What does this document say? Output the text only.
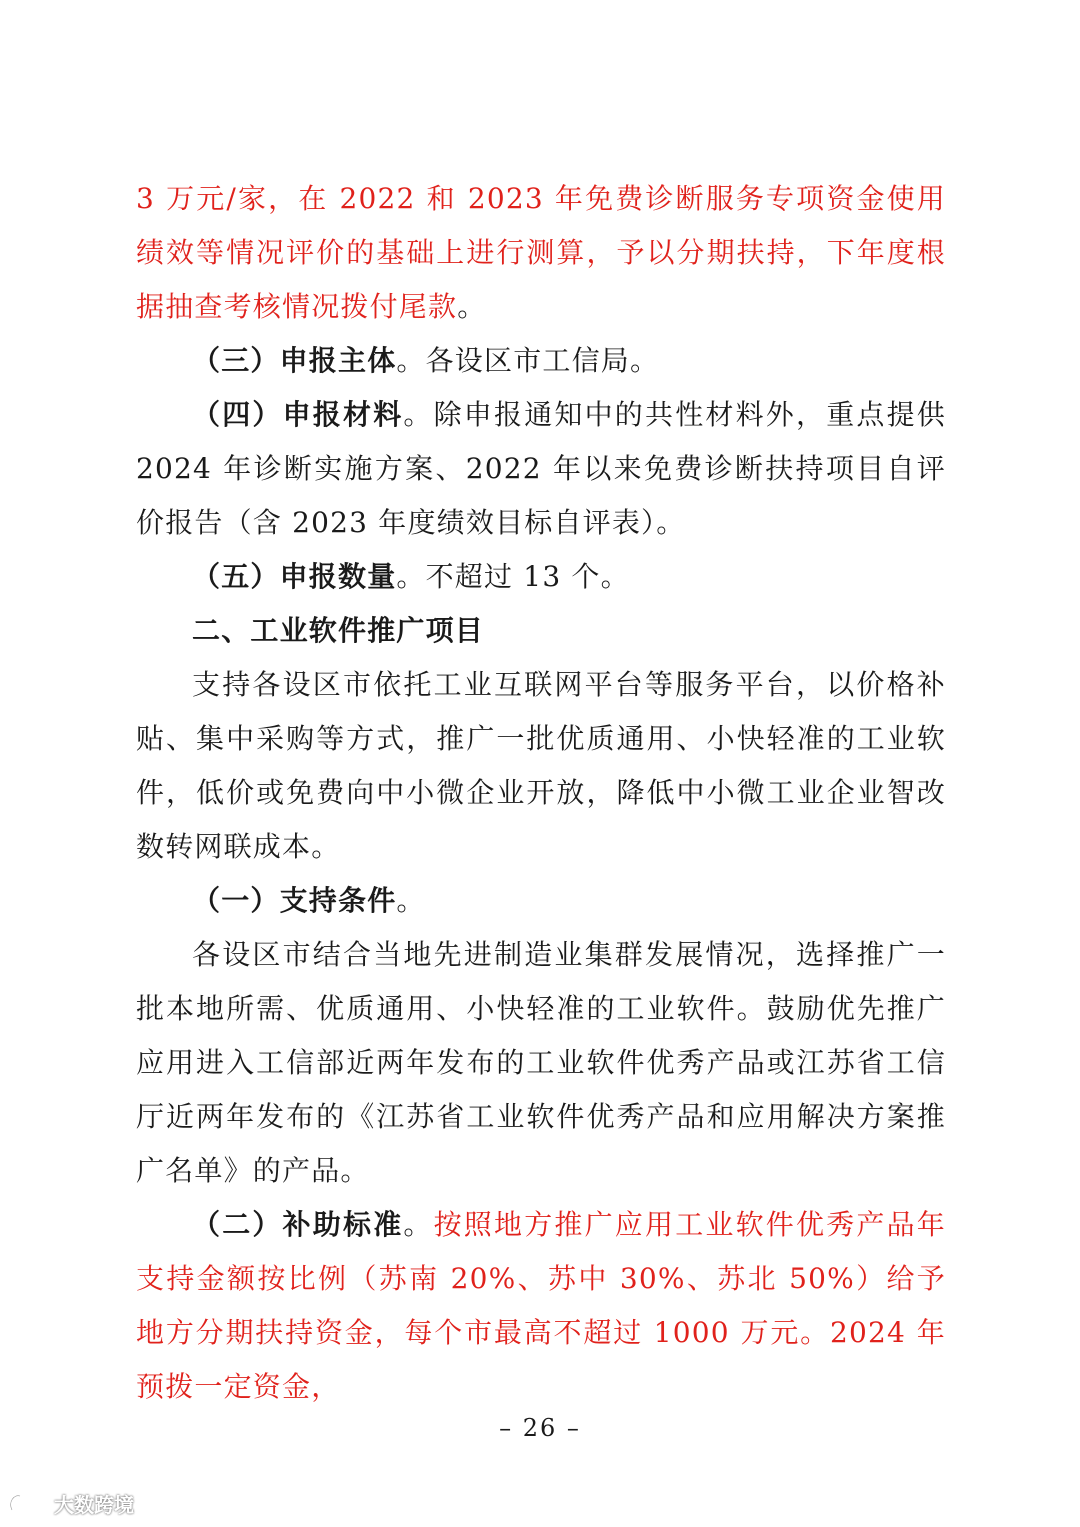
3 万元/家，在 2022 和 2023 年免费诊断服务专项资金使用绩效等情况评价的基础上进行测算，予以分期扶持，下年度根据抽查考核情况拨付尾款。

（三）申报主体。各设区市工信局。

（四）申报材料。除申报通知中的共性材料外，重点提供 2024 年诊断实施方案、2022 年以来免费诊断扶持项目自评价报告（含 2023 年度绩效目标自评表）。

（五）申报数量。不超过 13 个。

二、工业软件推广项目

支持各设区市依托工业互联网平台等服务平台，以价格补贴、集中采购等方式，推广一批优质通用、小快轻准的工业软件，低价或免费向中小微企业开放，降低中小微工业企业智改数转网联成本。

（一）支持条件。

各设区市结合当地先进制造业集群发展情况，选择推广一批本地所需、优质通用、小快轻准的工业软件。鼓励优先推广应用进入工信部近两年发布的工业软件优秀产品或江苏省工信厅近两年发布的《江苏省工业软件优秀产品和应用解决方案推广名单》的产品。

（二）补助标准。按照地方推广应用工业软件优秀产品年支持金额按比例（苏南 20%、苏中 30%、苏北 50%）给予地方分期扶持资金，每个市最高不超过 1000 万元。2024 年预拨一定资金，

– 26 –
大数跨境
